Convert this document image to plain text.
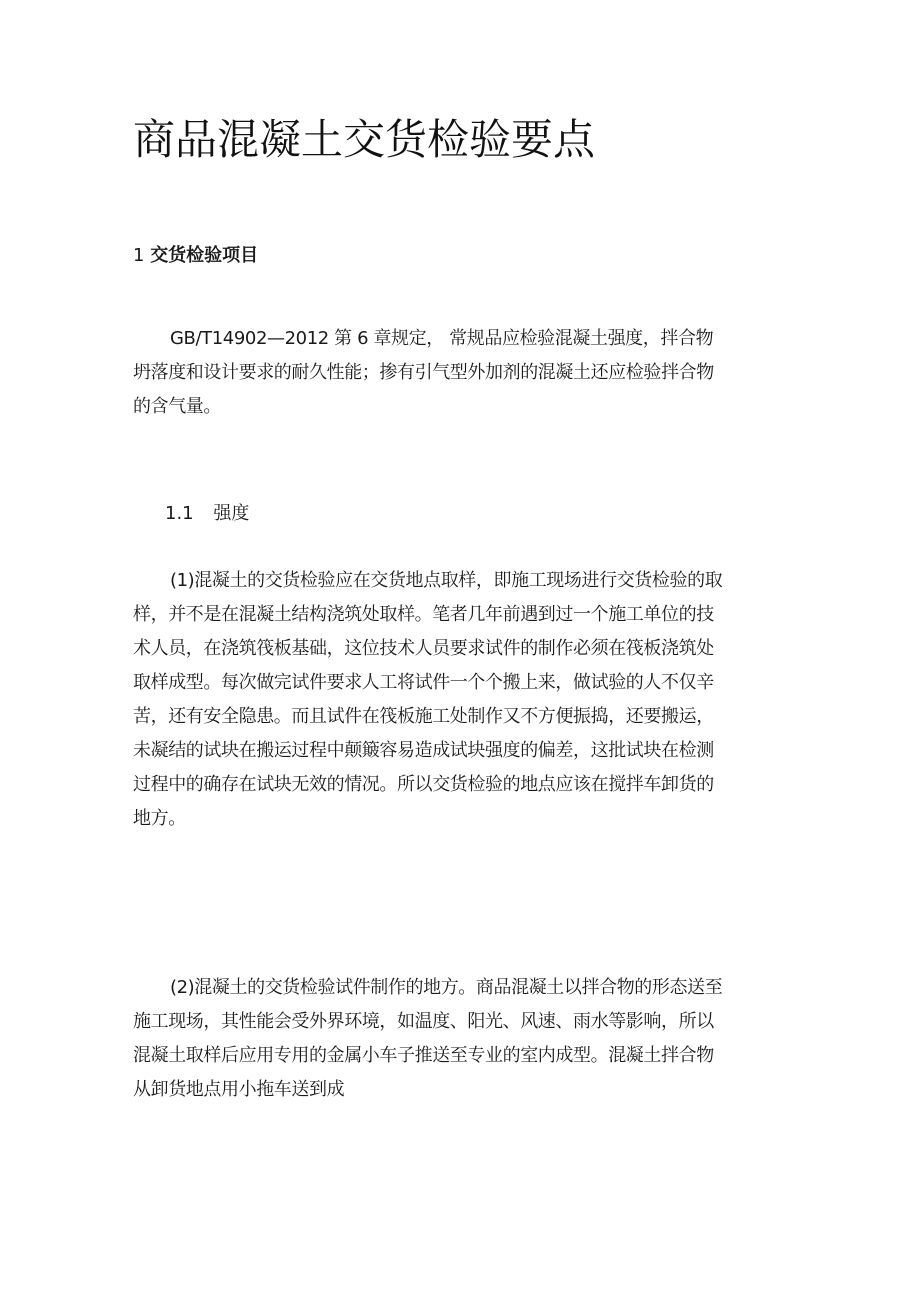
商品混凝土交货检验要点
1 交货检验项目
GB/T14902—2012 第 6 章规定， 常规品应检验混凝土强度，拌合物
坍落度和设计要求的耐久性能；掺有引气型外加剂的混凝土还应检验拌合物
的含气量。
1.1 强度
(1)混凝土的交货检验应在交货地点取样，即施工现场进行交货检验的取
样，并不是在混凝土结构浇筑处取样。笔者几年前遇到过一个施工单位的技
术人员，在浇筑筏板基础，这位技术人员要求试件的制作必须在筏板浇筑处
取样成型。每次做完试件要求人工将试件一个个搬上来，做试验的人不仅辛
苦，还有安全隐患。而且试件在筏板施工处制作又不方便振捣，还要搬运，
未凝结的试块在搬运过程中颠簸容易造成试块强度的偏差，这批试块在检测
过程中的确存在试块无效的情况。所以交货检验的地点应该在搅拌车卸货的
地方。
(2)混凝土的交货检验试件制作的地方。商品混凝土以拌合物的形态送至
施工现场，其性能会受外界环境，如温度、阳光、风速、雨水等影响，所以
混凝土取样后应用专用的金属小车子推送至专业的室内成型。混凝土拌合物
从卸货地点用小拖车送到成
